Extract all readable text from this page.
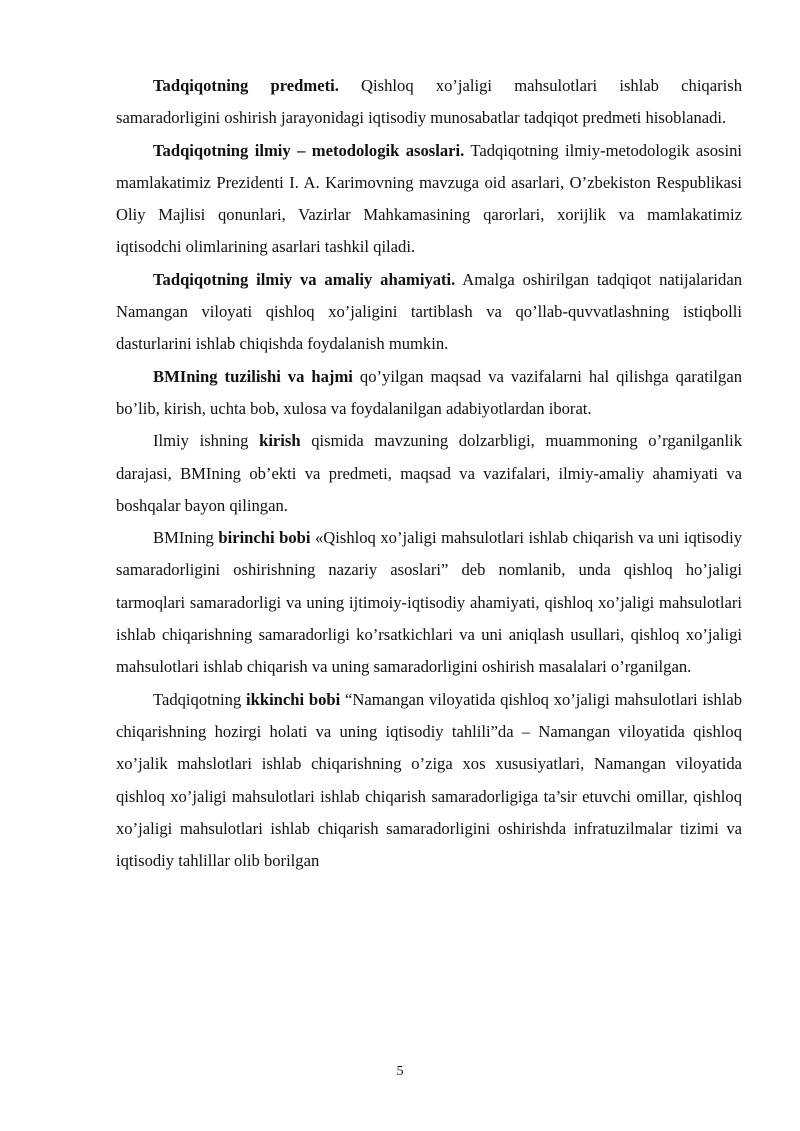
Tadqiqotning predmeti. Qishloq xo’jaligi mahsulotlari ishlab chiqarish samaradorligini oshirish jarayonidagi iqtisodiy munosabatlar tadqiqot predmeti hisoblanadi.

Tadqiqotning ilmiy – metodologik asoslari. Tadqiqotning ilmiy-metodologik asosini mamlakatimiz Prezidenti I. A. Karimovning mavzuga oid asarlari, O’zbekiston Respublikasi Oliy Majlisi qonunlari, Vazirlar Mahkamasining qarorlari, xorijlik va mamlakatimiz iqtisodchi olimlarining asarlari tashkil qiladi.

Tadqiqotning ilmiy va amaliy ahamiyati. Amalga oshirilgan tadqiqot natijalaridan Namangan viloyati qishloq xo’jaligini tartiblash va qo’llab-quvvatlashning istiqbolli dasturlarini ishlab chiqishda foydalanish mumkin.

BMIning tuzilishi va hajmi qo’yilgan maqsad va vazifalarni hal qilishga qaratilgan bo’lib, kirish, uchta bob, xulosa va foydalanilgan adabiyotlardan iborat.

Ilmiy ishning kirish qismida mavzuning dolzarbligi, muammoning o’rganilganlik darajasi, BMIning ob’ekti va predmeti, maqsad va vazifalari, ilmiy-amaliy ahamiyati va boshqalar bayon qilingan.

BMIning birinchi bobi «Qishloq xo’jaligi mahsulotlari ishlab chiqarish va uni iqtisodiy samaradorligini oshirishning nazariy asoslari” deb nomlanib, unda qishloq ho’jaligi tarmoqlari samaradorligi va uning ijtimoiy-iqtisodiy ahamiyati, qishloq xo’jaligi mahsulotlari ishlab chiqarishning samaradorligi ko’rsatkichlari va uni aniqlash usullari, qishloq xo’jaligi mahsulotlari ishlab chiqarish va uning samaradorligini oshirish masalalari o’rganilgan.

Tadqiqotning ikkinchi bobi “Namangan viloyatida qishloq xo’jaligi mahsulotlari ishlab chiqarishning hozirgi holati va uning iqtisodiy tahlili”da – Namangan viloyatida qishloq xo’jalik mahslotlari ishlab chiqarishning o’ziga xos xususiyatlari, Namangan viloyatida qishloq xo’jaligi mahsulotlari ishlab chiqarish samaradorligiga ta’sir etuvchi omillar, qishloq xo’jaligi mahsulotlari ishlab chiqarish samaradorligini oshirishda infratuzilmalar tizimi va iqtisodiy tahlillar olib borilgan

5
